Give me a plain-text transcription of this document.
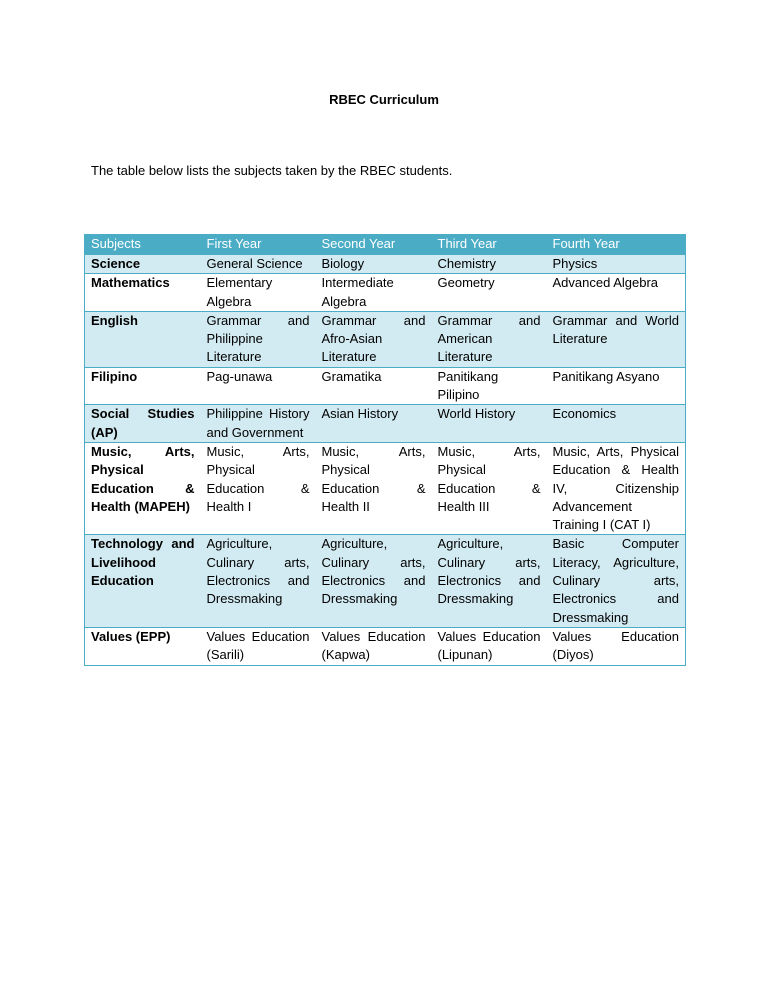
RBEC Curriculum
The table below lists the subjects taken by the RBEC students.
Subjects	First Year	Second Year	Third Year	Fourth Year
Science	General Science	Biology	Chemistry	Physics
Mathematics	Elementary Algebra	Intermediate Algebra	Geometry	Advanced Algebra
English	Grammar and Philippine Literature	Grammar and Afro-Asian Literature	Grammar and American Literature	Grammar and World Literature
Filipino	Pag-unawa	Gramatika	Panitikang Pilipino	Panitikang Asyano
Social Studies (AP)	Philippine History and Government	Asian History	World History	Economics
Music, Arts, Physical Education & Health (MAPEH)	Music, Arts, Physical Education & Health I	Music, Arts, Physical Education & Health II	Music, Arts, Physical Education & Health III	Music, Arts, Physical Education & Health IV, Citizenship Advancement Training I (CAT I)
Technology and Livelihood Education	Agriculture, Culinary arts, Electronics and Dressmaking	Agriculture, Culinary arts, Electronics and Dressmaking	Agriculture, Culinary arts, Electronics and Dressmaking	Basic Computer Literacy, Agriculture, Culinary arts, Electronics and Dressmaking
Values (EPP)	Values Education (Sarili)	Values Education (Kapwa)	Values Education (Lipunan)	Values Education (Diyos)
